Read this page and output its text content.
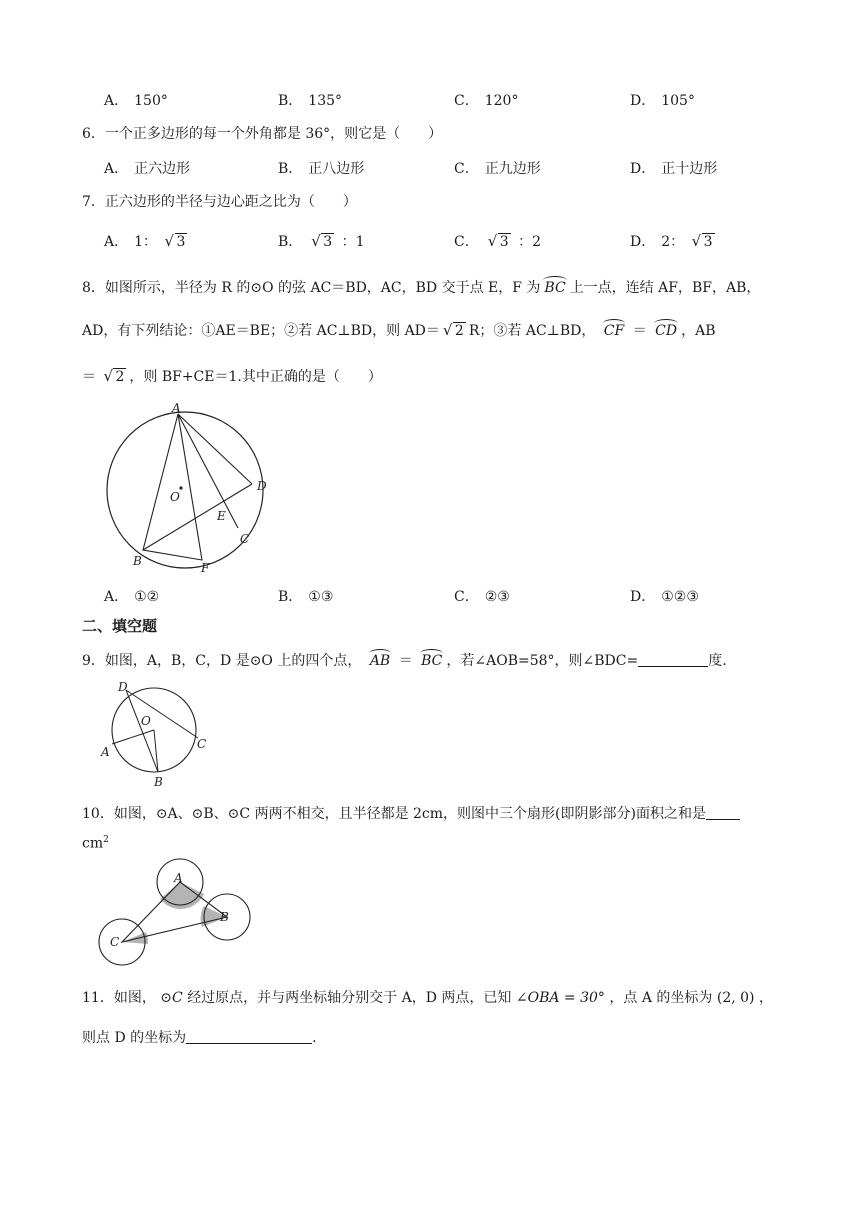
A． 150°	B． 135°	C． 120°	D． 105°
6．一个正多边形的每一个外角都是 36°，则它是（　　）
A． 正六边形	B． 正八边形	C． 正九边形	D． 正十边形
7．正六边形的半径与边心距之比为（　　）
A． 1： √ 3	B． √ 3 ：1	C． √ 3 ：2	D． 2： √ 3
8．如图所示，半径为 R 的⊙O 的弦 AC＝BD，AC，BD 交于点 E，F 为 BC 上一点，连结 AF，BF，AB，
AD，有下列结论：①AE＝BE；②若 AC⊥BD，则 AD＝ √ 2 R；③若 AC⊥BD， CF ＝ CD ，AB
＝ √ 2 ，则 BF+CE＝1.其中正确的是（　　）
A
B
C
D
E
F
O
A． ①②	B． ①③	C． ②③	D． ①②③
二、填空题
9．如图，A，B，C，D 是⊙O 上的四个点， AB ＝ BC ，若∠AOB=58°，则∠BDC=	度.
D
O
A
C
B
10．如图，⊙A、⊙B、⊙C 两两不相交，且半径都是 2cm，则图中三个扇形(即阴影部分)面积之和是
$cm^2$
A
B
C
11．如图， ⊙C 经过原点，并与两坐标轴分别交于 A，D 两点，已知 ∠OBA = 30° ，点 A 的坐标为 (2, 0) ，
则点 D 的坐标为	.
